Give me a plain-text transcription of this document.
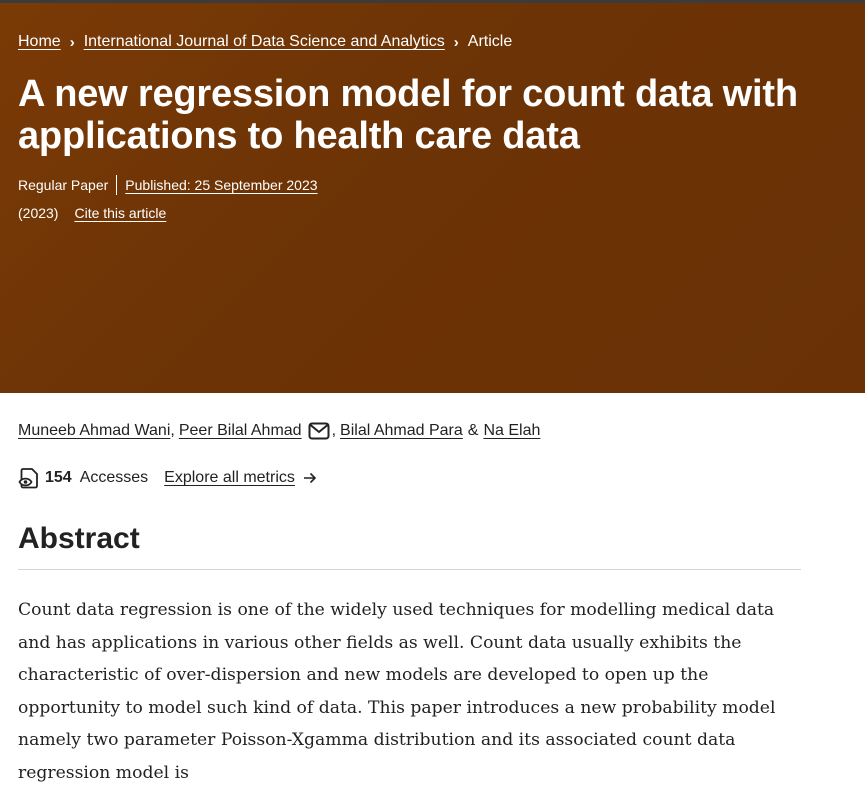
Home › International Journal of Data Science and Analytics › Article
A new regression model for count data with applications to health care data
Regular Paper Published: 25 September 2023
(2023) Cite this article
Muneeb Ahmad Wani , Peer Bilal Ahmad , Bilal Ahmad Para & Na Elah
154 Accesses Explore all metrics
Abstract

Count data regression is one of the widely used techniques for modelling medical data and has applications in various other fields as well. Count data usually exhibits the characteristic of over-dispersion and new models are developed to open up the opportunity to model such kind of data. This paper introduces a new probability model namely two parameter Poisson-Xgamma distribution and its associated count data regression model is
